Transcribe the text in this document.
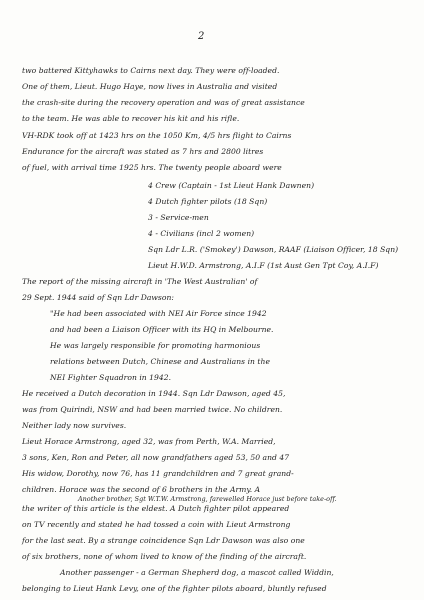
2
two battered Kittyhawks to Cairns next day. They were off-loaded.
One of them, Lieut. Hugo Haye, now lives in Australia and visited
the crash-site during the recovery operation and was of great assistance
to the team. He was able to recover his kit and his rifle.
VH-RDK took off at 1423 hrs on the 1050 Km, 4/5 hrs flight to Cairns
Endurance for the aircraft was stated as 7 hrs and 2800 litres
of fuel, with arrival time 1925 hrs. The twenty people aboard were
4 Crew (Captain - 1st Lieut Hank Dawnen)
4 Dutch fighter pilots (18 Sqn)
3 - Service-men
4 - Civilians (incl 2 women)
Sqn Ldr L.R. ('Smokey') Dawson, RAAF (Liaison Officer, 18 Sqn)
Lieut H.W.D. Armstrong, A.I.F (1st Aust Gen Tpt Coy, A.I.F)
The report of the missing aircraft in 'The West Australian' of
29 Sept. 1944 said of Sqn Ldr Dawson:
"He had been associated with NEI Air Force since 1942
and had been a Liaison Officer with its HQ in Melbourne.
He was largely responsible for promoting harmonious
relations between Dutch, Chinese and Australians in the
NEI Fighter Squadron in 1942.
He received a Dutch decoration in 1944. Sqn Ldr Dawson, aged 45,
was from Quirindi, NSW and had been married twice. No children.
Neither lady now survives.
Lieut Horace Armstrong, aged 32, was from Perth, W.A. Married,
3 sons, Ken, Ron and Peter, all now grandfathers aged 53, 50 and 47
His widow, Dorothy, now 76, has 11 grandchildren and 7 great grand-
children. Horace was the second of 6 brothers in the Army. A
Another brother, Sgt W.T.W. Armstrong, farewelled Horace just before take-off.
the writer of this article is the eldest. A Dutch fighter pilot appeared
on TV recently and stated he had tossed a coin with Lieut Armstrong
for the last seat. By a strange coincidence Sqn Ldr Dawson was also one
of six brothers, none of whom lived to know of the finding of the aircraft.
Another passenger - a German Shepherd dog, a mascot called Widdin,
belonging to Lieut Hank Levy, one of the fighter pilots aboard, bluntly refused
